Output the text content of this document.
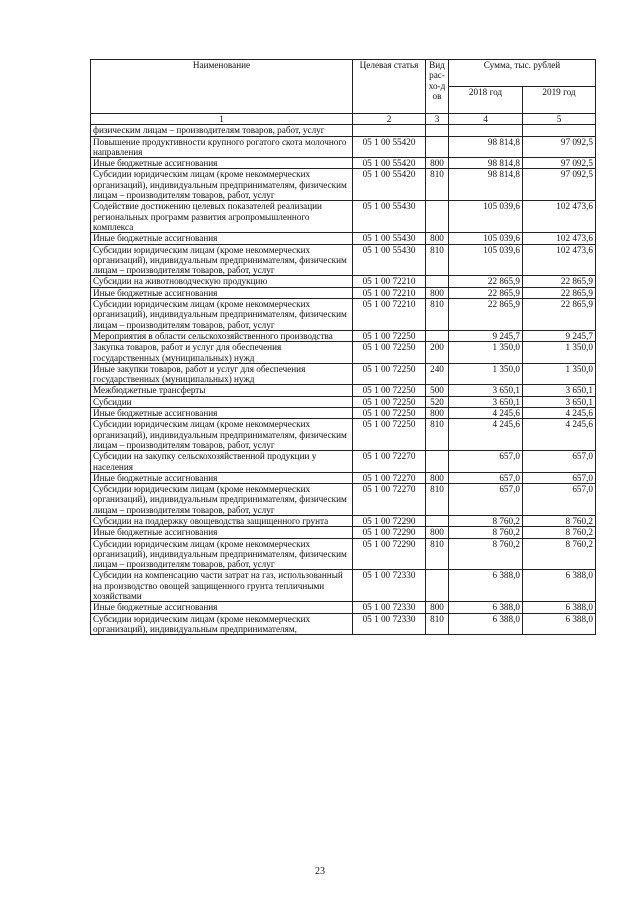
Наименование	Целевая статья	Вид рас-хо-дов	Сумма, тыс. рублей	
			2018 год	2019 год
1	2	3	4	5
физическим лицам – производителям товаров, работ, услуг				
Повышение продуктивности крупного рогатого скота молочного направления	05 1 00 55420		98 814,8	97 092,5
Иные бюджетные ассигнования	05 1 00 55420	800	98 814,8	97 092,5
Субсидии юридическим лицам (кроме некоммерческих организаций), индивидуальным предпринимателям, физическим лицам – производителям товаров, работ, услуг	05 1 00 55420	810	98 814,8	97 092,5
Содействие достижению целевых показателей реализации региональных программ развития агропромышленного комплекса	05 1 00 55430		105 039,6	102 473,6
Иные бюджетные ассигнования	05 1 00 55430	800	105 039,6	102 473,6
Субсидии юридическим лицам (кроме некоммерческих организаций), индивидуальным предпринимателям, физическим лицам – производителям товаров, работ, услуг	05 1 00 55430	810	105 039,6	102 473,6
Субсидии на животноводческую продукцию	05 1 00 72210		22 865,9	22 865,9
Иные бюджетные ассигнования	05 1 00 72210	800	22 865,9	22 865,9
Субсидии юридическим лицам (кроме некоммерческих организаций), индивидуальным предпринимателям, физическим лицам – производителям товаров, работ, услуг	05 1 00 72210	810	22 865,9	22 865,9
Мероприятия в области сельскохозяйственного производства	05 1 00 72250		9 245,7	9 245,7
Закупка товаров, работ и услуг для обеспечения государственных (муниципальных) нужд	05 1 00 72250	200	1 350,0	1 350,0
Иные закупки товаров, работ и услуг для обеспечения государственных (муниципальных) нужд	05 1 00 72250	240	1 350,0	1 350,0
Межбюджетные трансферты	05 1 00 72250	500	3 650,1	3 650,1
Субсидии	05 1 00 72250	520	3 650,1	3 650,1
Иные бюджетные ассигнования	05 1 00 72250	800	4 245,6	4 245,6
Субсидии юридическим лицам (кроме некоммерческих организаций), индивидуальным предпринимателям, физическим лицам – производителям товаров, работ, услуг	05 1 00 72250	810	4 245,6	4 245,6
Субсидии на закупку сельскохозяйственной продукции у населения	05 1 00 72270		657,0	657,0
Иные бюджетные ассигнования	05 1 00 72270	800	657,0	657,0
Субсидии юридическим лицам (кроме некоммерческих организаций), индивидуальным предпринимателям, физическим лицам – производителям товаров, работ, услуг	05 1 00 72270	810	657,0	657,0
Субсидии на поддержку овощеводства защищенного грунта	05 1 00 72290		8 760,2	8 760,2
Иные бюджетные ассигнования	05 1 00 72290	800	8 760,2	8 760,2
Субсидии юридическим лицам (кроме некоммерческих организаций), индивидуальным предпринимателям, физическим лицам – производителям товаров, работ, услуг	05 1 00 72290	810	8 760,2	8 760,2
Субсидии на компенсацию части затрат на газ, использованный на производство овощей защищенного грунта тепличными хозяйствами	05 1 00 72330		6 388,0	6 388,0
Иные бюджетные ассигнования	05 1 00 72330	800	6 388,0	6 388,0
Субсидии юридическим лицам (кроме некоммерческих организаций), индивидуальным предпринимателям,	05 1 00 72330	810	6 388,0	6 388,0
23
